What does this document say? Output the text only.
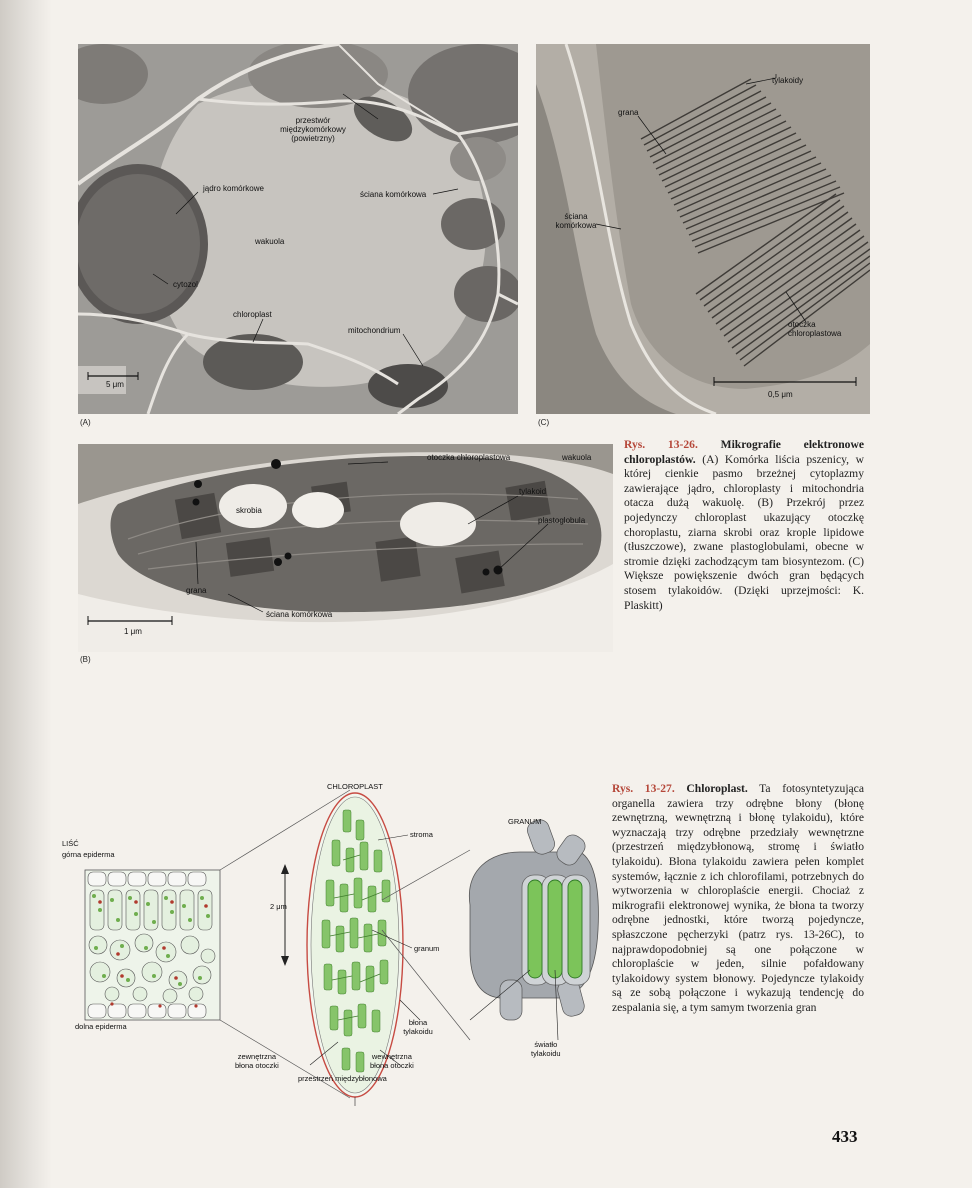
przestwór
międzykomórkowy
(powietrzny)
jądro komórkowe
ściana komórkowa
wakuola
cytozol
chloroplast
mitochondrium
5 μm
(A)
tylakoidy
grana
ściana
komórkowa
otoczka
chloroplastowa
0,5 μm
(C)
otoczka chloroplastowa	wakuola
skrobia
tylakoid
plastoglobula
grana
ściana komórkowa
1 μm
(B)
Rys. 13-26. Mikrografie elektronowe chloroplastów. (A) Komórka liścia pszenicy, w której cienkie pasmo brzeżnej cytoplazmy zawierające jądro, chloroplasty i mitochondria otacza dużą wakuolę. (B) Przekrój przez pojedynczy chloroplast ukazujący otoczkę choroplastu, ziarna skrobi oraz krople lipidowe (tłuszczowe), zwane plastoglobulami, obecne w stromie dzięki zachodzącym tam biosyntezom. (C) Większe powiększenie dwóch gran będących stosem tylakoidów. (Dzięki uprzejmości: K. Plaskitt)
CHLOROPLAST
GRANUM
LIŚĆ
górna epiderma
stroma
2 μm
granum
dolna epiderma	błona
tylakoidu
światło
tylakoidu
zewnętrzna
błona otoczki
wewnętrzna
błona otoczki
przestrzeń międzybłonowa
Rys. 13-27. Chloroplast. Ta fotosyntetyzująca organella zawiera trzy odrębne błony (błonę zewnętrzną, wewnętrzną i błonę tylakoidu), które wyznaczają trzy odrębne przedziały wewnętrzne (przestrzeń międzybłonową, stromę i światło tylakoidu). Błona tylakoidu zawiera pełen komplet systemów, łącznie z ich chlorofilami, potrzebnych do wytworzenia w chloroplaście energii. Chociaż z mikrografii elektronowej wynika, że błona ta tworzy odrębne jednostki, które tworzą pojedyncze, spłaszczone pęcherzyki (patrz rys. 13-26C), to najprawdopodobniej są one połączone w chloroplaście w jeden, silnie pofałdowany tylakoidowy system błonowy. Pojedyncze tylakoidy są ze sobą połączone i wykazują tendencję do zespalania się, a tym samym tworzenia gran
433
